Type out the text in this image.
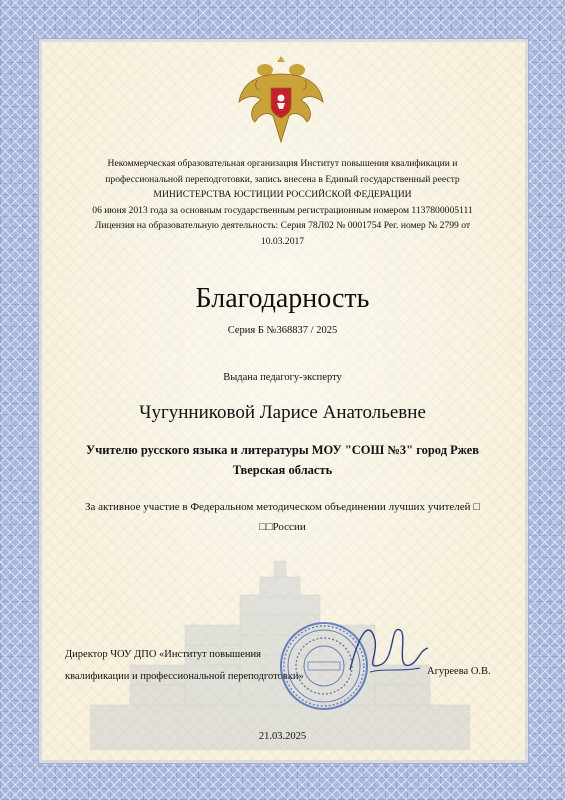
Некоммерческая образовательная организация Институт повышения квалификации и
профессиональной переподготовки, запись внесена в Единый государственный реестр
МИНИСТЕРСТВА ЮСТИЦИИ РОССИЙСКОЙ ФЕДЕРАЦИИ
06 июня 2013 года за основным государственным регистрационным номером 1137800005111
Лицензия на образовательную деятельность: Серия 78Л02 № 0001754 Рег. номер № 2799 от
10.03.2017
Благодарность
Серия Б №368837 / 2025
Выдана педагогу-эксперту
Чугунниковой Ларисе Анатольевне
Учителю русского языка и литературы МОУ "СОШ №3" город Ржев
Тверская область
За активное участие в Федеральном методическом объединении лучших учителей □
□□России
Директор ЧОУ ДПО «Институт повышения
квалификации и профессиональной переподготовки»	Агуреева О.В.
21.03.2025
